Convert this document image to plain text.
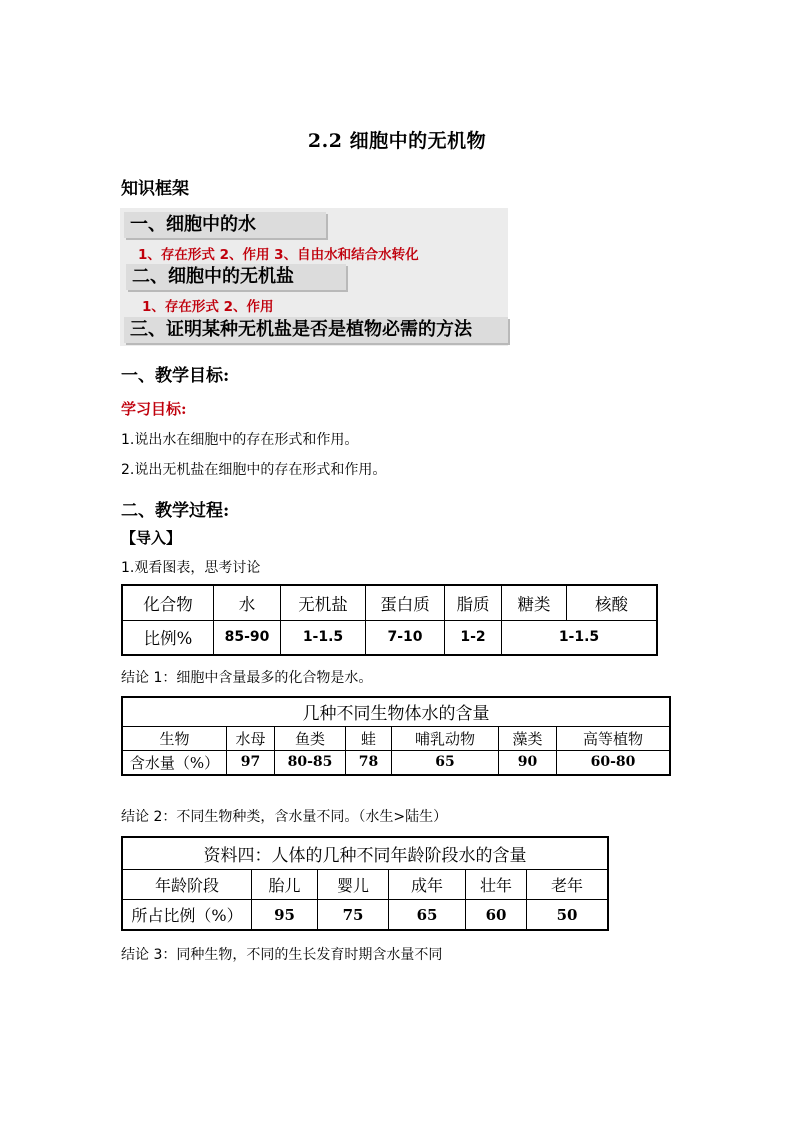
2.2 细胞中的无机物
知识框架
一、细胞中的水
1、存在形式 2、作用 3、自由水和结合水转化
二、细胞中的无机盐
1、存在形式 2、作用
三、证明某种无机盐是否是植物必需的方法
一、教学目标:
学习目标:
1.说出水在细胞中的存在形式和作用。
2.说出无机盐在细胞中的存在形式和作用。
二、教学过程:
【导入】
1.观看图表，思考讨论
化合物	水	无机盐	蛋白质	脂质	糖类	核酸
比例%	85-90	1-1.5	7-10	1-2	1-1.5	
结论 1：细胞中含量最多的化合物是水。
几种不同生物体水的含量						
生物	水母	鱼类	蛙	哺乳动物	藻类	高等植物
含水量（%）	97	80-85	78	65	90	60-80
结论 2：不同生物种类，含水量不同。（水生>陆生）
资料四：人体的几种不同年龄阶段水的含量					
年龄阶段	胎儿	婴儿	成年	壮年	老年
所占比例（%）	95	75	65	60	50
结论 3：同种生物，不同的生长发育时期含水量不同
